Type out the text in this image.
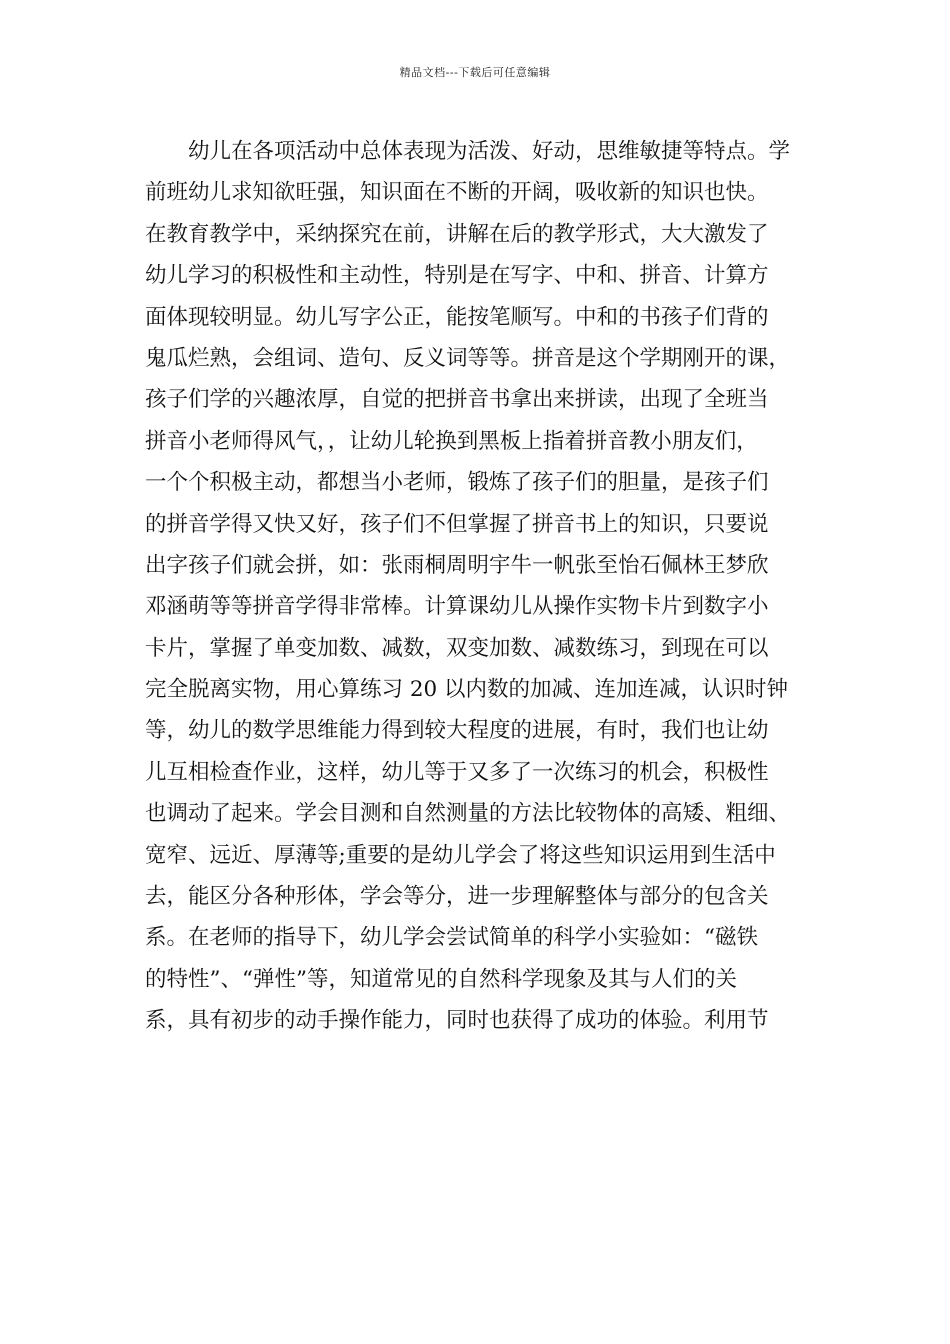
精品文档---下载后可任意编辑
　　幼儿在各项活动中总体表现为活泼、好动，思维敏捷等特点。学
前班幼儿求知欲旺强，知识面在不断的开阔，吸收新的知识也快。
在教育教学中，采纳探究在前，讲解在后的教学形式，大大激发了
幼儿学习的积极性和主动性，特别是在写字、中和、拼音、计算方
面体现较明显。幼儿写字公正，能按笔顺写。中和的书孩子们背的
鬼瓜烂熟，会组词、造句、反义词等等。拼音是这个学期刚开的课，
孩子们学的兴趣浓厚，自觉的把拼音书拿出来拼读，出现了全班当
拼音小老师得风气，，让幼儿轮换到黑板上指着拼音教小朋友们，
一个个积极主动，都想当小老师，锻炼了孩子们的胆量，是孩子们
的拼音学得又快又好，孩子们不但掌握了拼音书上的知识，只要说
出字孩子们就会拼，如：张雨桐周明宇牛一帆张至怡石佩林王梦欣
邓涵萌等等拼音学得非常棒。计算课幼儿从操作实物卡片到数字小
卡片，掌握了单变加数、减数，双变加数、减数练习，到现在可以
完全脱离实物，用心算练习 20 以内数的加减、连加连减，认识时钟
等，幼儿的数学思维能力得到较大程度的进展，有时，我们也让幼
儿互相检查作业，这样，幼儿等于又多了一次练习的机会，积极性
也调动了起来。学会目测和自然测量的方法比较物体的高矮、粗细、
宽窄、远近、厚薄等;重要的是幼儿学会了将这些知识运用到生活中
去，能区分各种形体，学会等分，进一步理解整体与部分的包含关
系。在老师的指导下，幼儿学会尝试简单的科学小实验如：“磁铁
的特性”、“弹性”等，知道常见的自然科学现象及其与人们的关
系，具有初步的动手操作能力，同时也获得了成功的体验。利用节
